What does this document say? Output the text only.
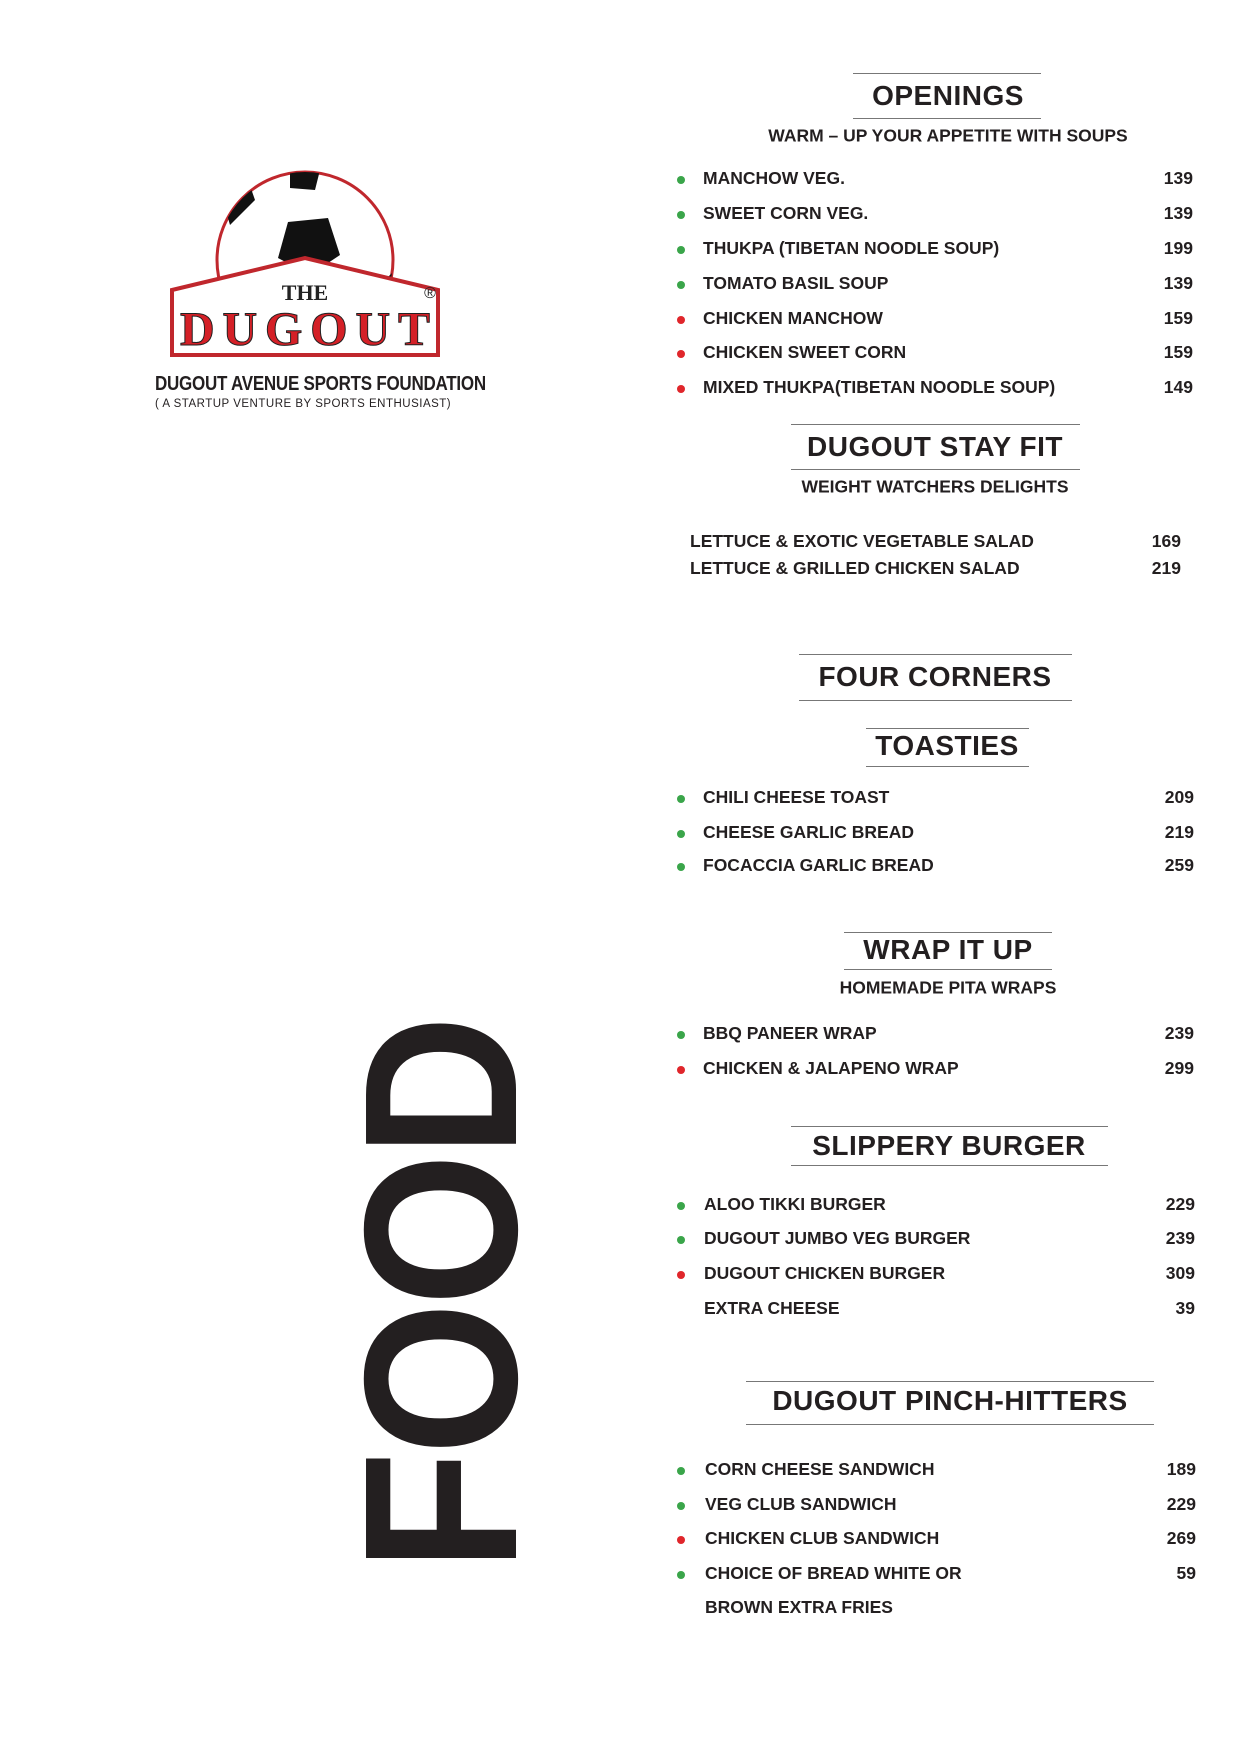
THE
DUGOUT
®
DUGOUT AVENUE SPORTS FOUNDATION
( A STARTUP VENTURE BY SPORTS ENTHUSIAST)
FOOD
OPENINGS
WARM – UP YOUR APPETITE WITH SOUPS
MANCHOW VEG.	139
SWEET CORN VEG.	139
THUKPA (TIBETAN NOODLE SOUP)	199
TOMATO BASIL SOUP	139
CHICKEN MANCHOW	159
CHICKEN SWEET CORN	159
MIXED THUKPA(TIBETAN NOODLE SOUP)	149
DUGOUT STAY FIT
WEIGHT WATCHERS DELIGHTS
LETTUCE & EXOTIC VEGETABLE SALAD	169
LETTUCE & GRILLED CHICKEN SALAD	219
FOUR CORNERS
TOASTIES
CHILI CHEESE TOAST	209
CHEESE GARLIC BREAD	219
FOCACCIA GARLIC BREAD	259
WRAP IT UP
HOMEMADE PITA WRAPS
BBQ PANEER WRAP	239
CHICKEN & JALAPENO WRAP	299
SLIPPERY BURGER
ALOO TIKKI BURGER	229
DUGOUT JUMBO VEG BURGER	239
DUGOUT CHICKEN BURGER	309
EXTRA CHEESE	39
DUGOUT PINCH-HITTERS
CORN CHEESE SANDWICH	189
VEG CLUB SANDWICH	229
CHICKEN CLUB SANDWICH	269
CHOICE OF BREAD WHITE OR	59
BROWN EXTRA FRIES
